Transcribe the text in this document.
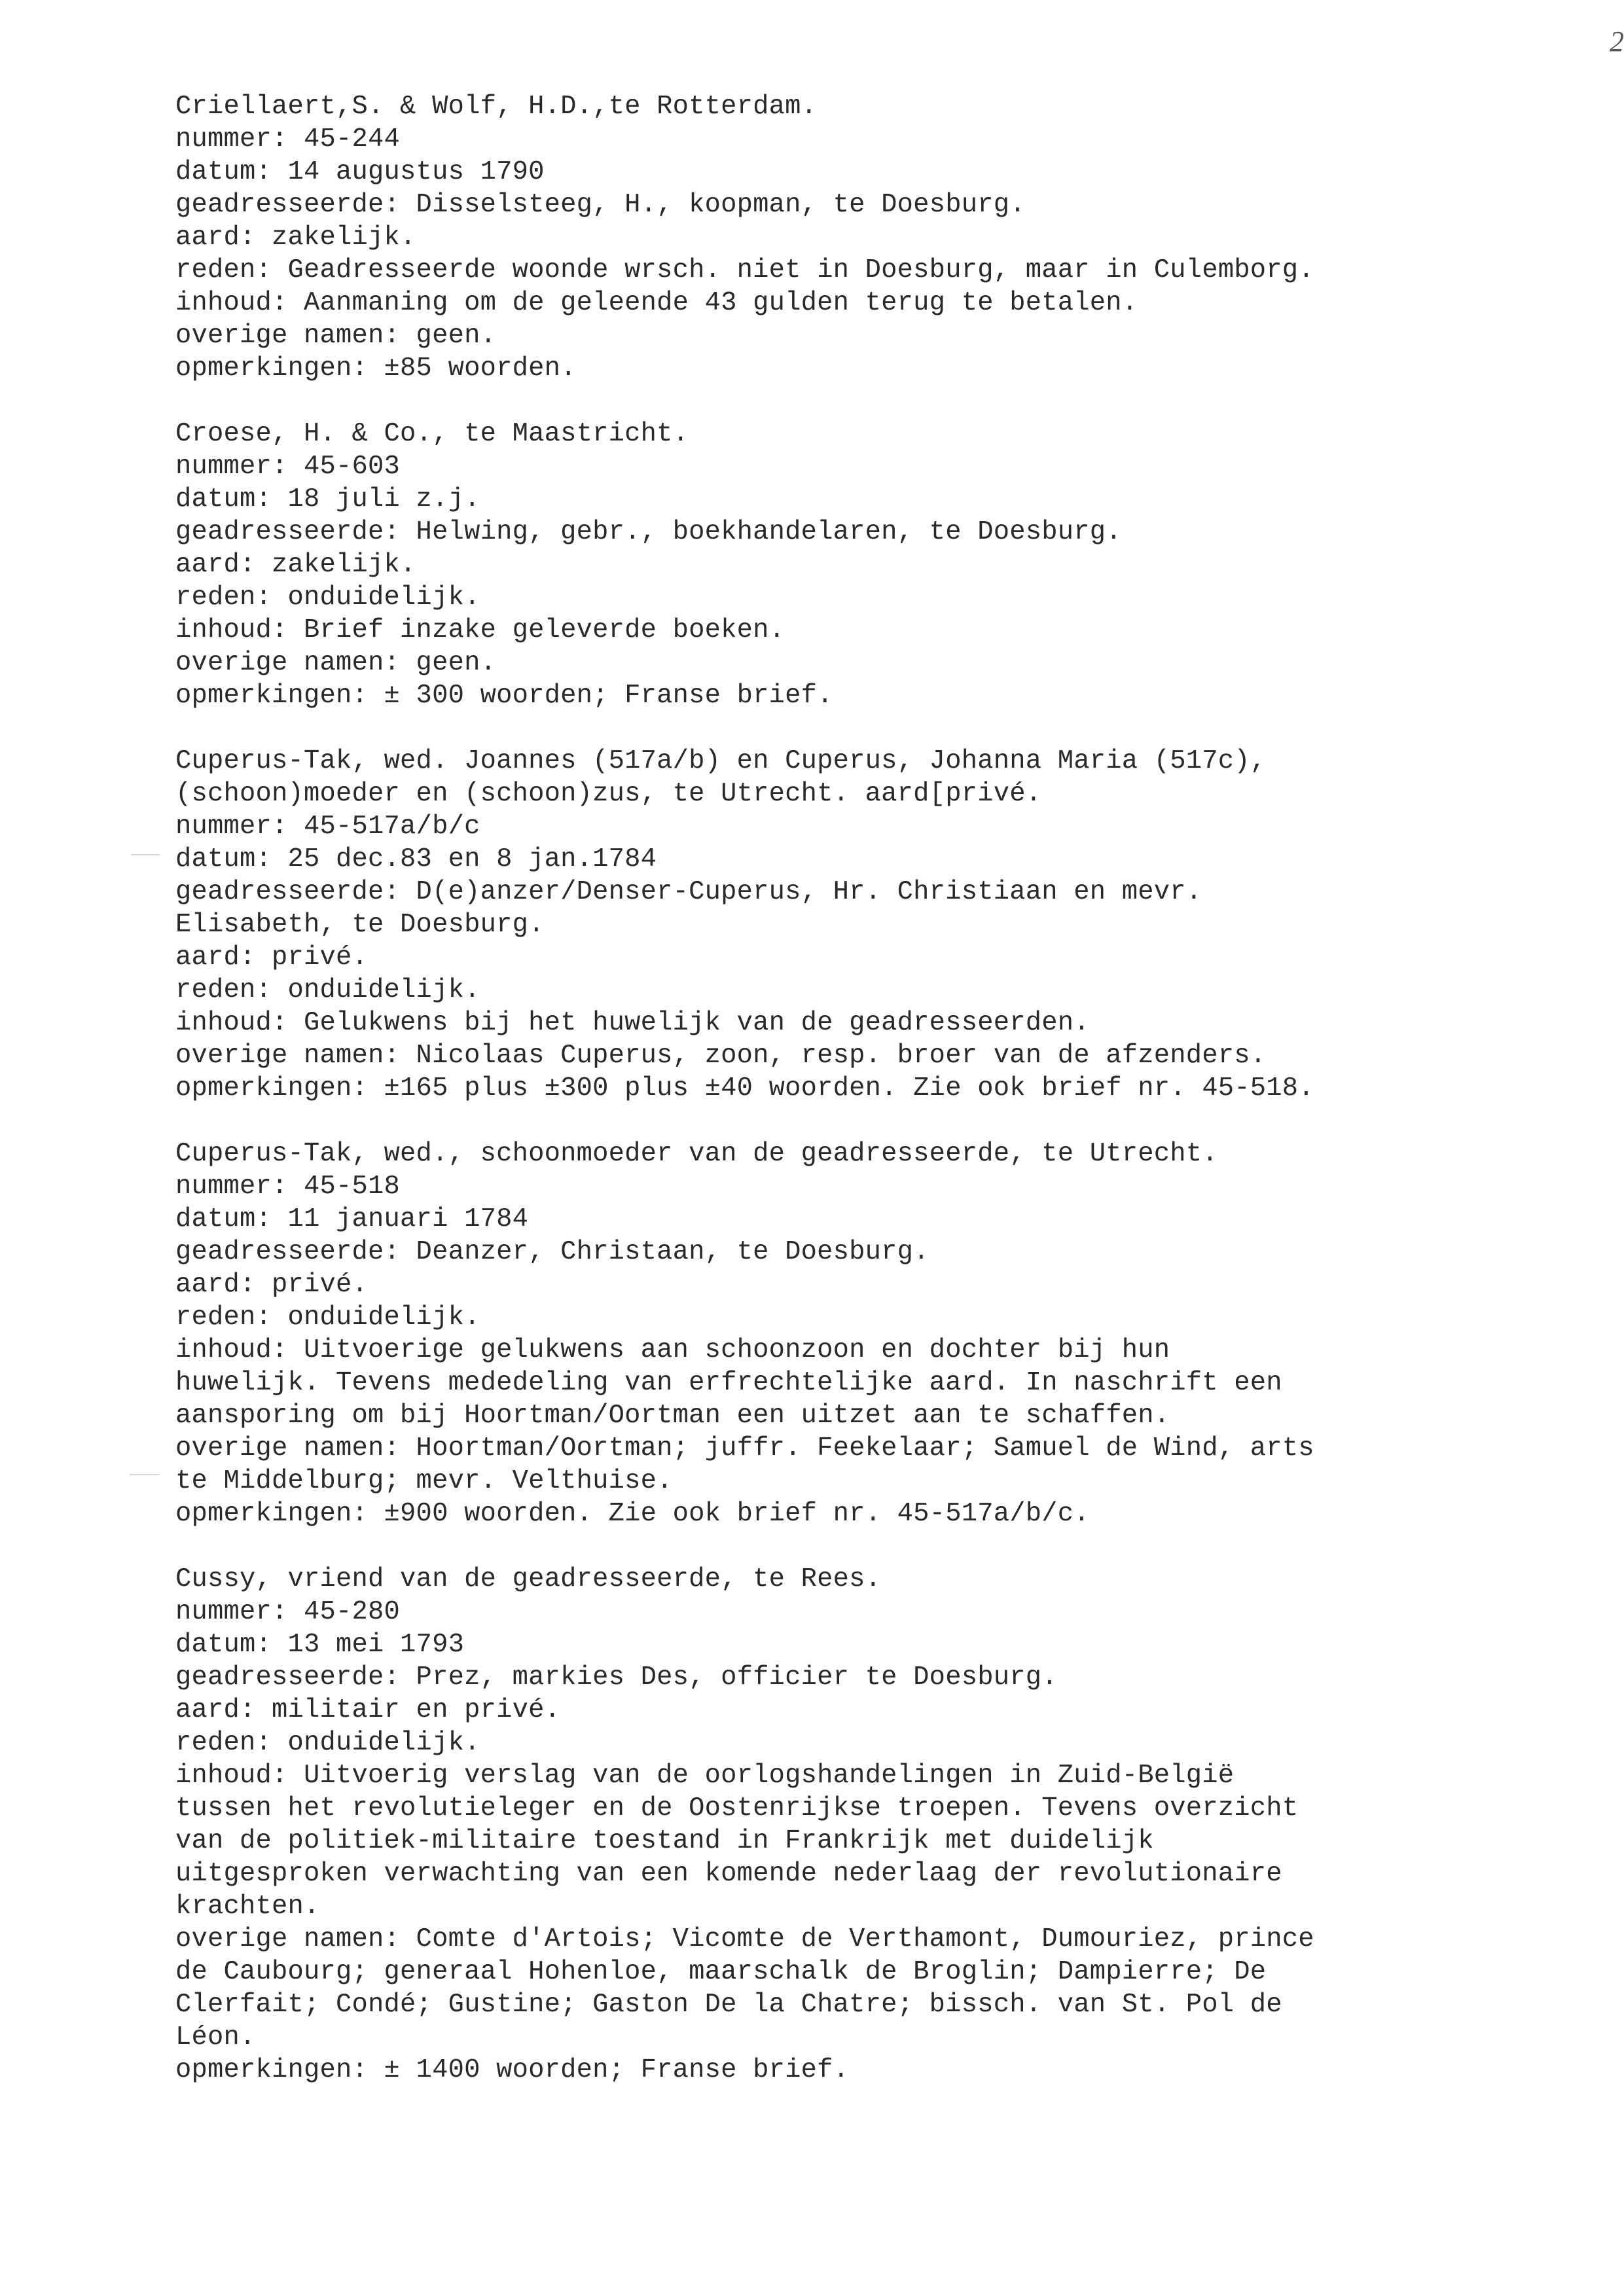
2
Criellaert,S. & Wolf, H.D.,te Rotterdam.
nummer: 45-244
datum: 14 augustus 1790
geadresseerde: Disselsteeg, H., koopman, te Doesburg.
aard: zakelijk.
reden: Geadresseerde woonde wrsch. niet in Doesburg, maar in Culemborg.
inhoud: Aanmaning om de geleende 43 gulden terug te betalen.
overige namen: geen.
opmerkingen: ±85 woorden.
Croese, H. & Co., te Maastricht.
nummer: 45-603
datum: 18 juli z.j.
geadresseerde: Helwing, gebr., boekhandelaren, te Doesburg.
aard: zakelijk.
reden: onduidelijk.
inhoud: Brief inzake geleverde boeken.
overige namen: geen.
opmerkingen: ± 300 woorden; Franse brief.
Cuperus-Tak, wed. Joannes (517a/b) en Cuperus, Johanna Maria (517c),
(schoon)moeder en (schoon)zus, te Utrecht. aard[privé.
nummer: 45-517a/b/c
datum: 25 dec.83 en 8 jan.1784
geadresseerde: D(e)anzer/Denser-Cuperus, Hr. Christiaan en mevr.
Elisabeth, te Doesburg.
aard: privé.
reden: onduidelijk.
inhoud: Gelukwens bij het huwelijk van de geadresseerden.
overige namen: Nicolaas Cuperus, zoon, resp. broer van de afzenders.
opmerkingen: ±165 plus ±300 plus ±40 woorden. Zie ook brief nr. 45-518.
Cuperus-Tak, wed., schoonmoeder van de geadresseerde, te Utrecht.
nummer: 45-518
datum: 11 januari 1784
geadresseerde: Deanzer, Christaan, te Doesburg.
aard: privé.
reden: onduidelijk.
inhoud: Uitvoerige gelukwens aan schoonzoon en dochter bij hun
huwelijk. Tevens mededeling van erfrechtelijke aard. In naschrift een
aansporing om bij Hoortman/Oortman een uitzet aan te schaffen.
overige namen: Hoortman/Oortman; juffr. Feekelaar; Samuel de Wind, arts
te Middelburg; mevr. Velthuise.
opmerkingen: ±900 woorden. Zie ook brief nr. 45-517a/b/c.
Cussy, vriend van de geadresseerde, te Rees.
nummer: 45-280
datum: 13 mei 1793
geadresseerde: Prez, markies Des, officier te Doesburg.
aard: militair en privé.
reden: onduidelijk.
inhoud: Uitvoerig verslag van de oorlogshandelingen in Zuid-België
tussen het revolutieleger en de Oostenrijkse troepen. Tevens overzicht
van de politiek-militaire toestand in Frankrijk met duidelijk
uitgesproken verwachting van een komende nederlaag der revolutionaire
krachten.
overige namen: Comte d'Artois; Vicomte de Verthamont, Dumouriez, prince
de Caubourg; generaal Hohenloe, maarschalk de Broglin; Dampierre; De
Clerfait; Condé; Gustine; Gaston De la Chatre; bissch. van St. Pol de
Léon.
opmerkingen: ± 1400 woorden; Franse brief.
